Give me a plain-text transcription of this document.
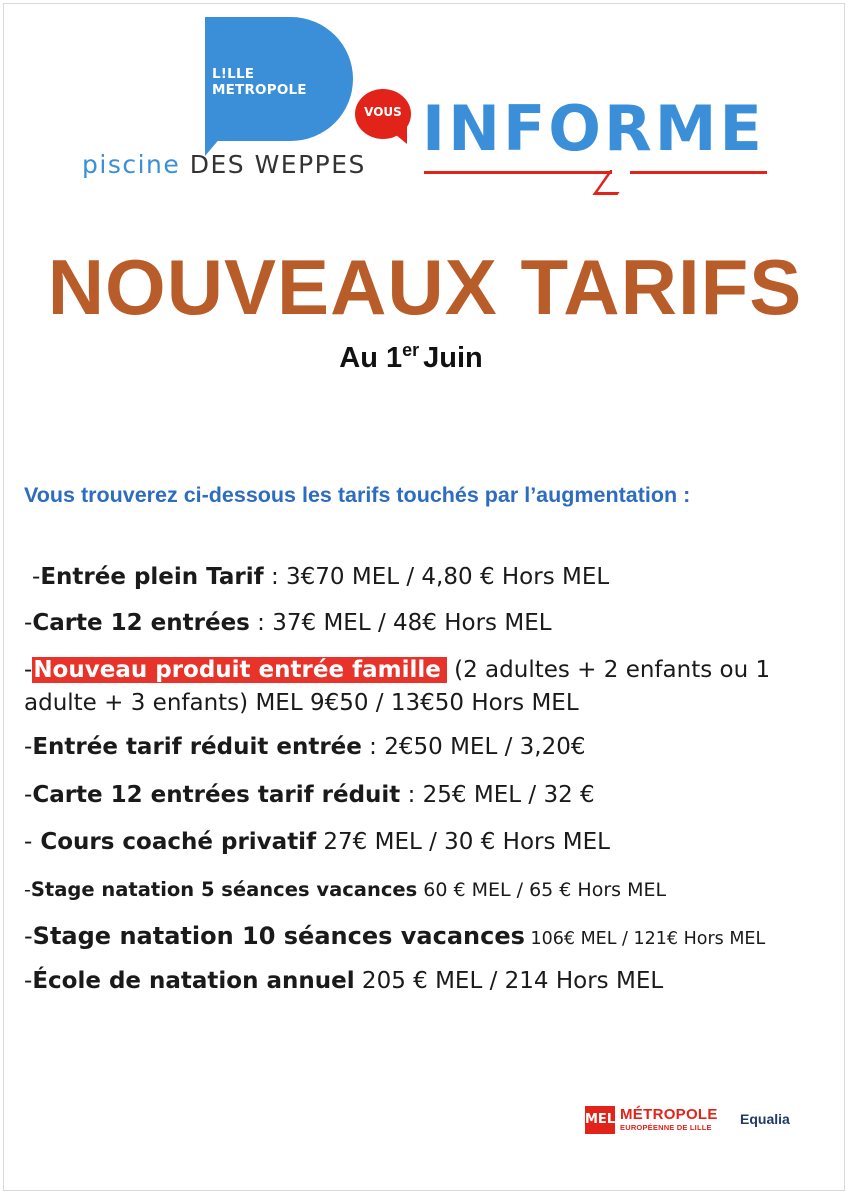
L!LLE METROPOLE
VOUS
piscine DES WEPPES INFORME
NOUVEAUX TARIFS
Au 1er Juin
Vous trouverez ci-dessous les tarifs touchés par l’augmentation :
-Entrée plein Tarif : 3€70 MEL / 4,80 € Hors MEL
-Carte 12 entrées : 37€ MEL / 48€ Hors MEL
-Nouveau produit entrée famille (2 adultes + 2 enfants ou 1 adulte + 3 enfants) MEL 9€50 / 13€50 Hors MEL
-Entrée tarif réduit entrée : 2€50 MEL / 3,20€
-Carte 12 entrées tarif réduit : 25€ MEL / 32 €
- Cours coaché privatif 27€ MEL / 30 € Hors MEL
-Stage natation 5 séances vacances 60 € MEL / 65 € Hors MEL
-Stage natation 10 séances vacances 106€ MEL / 121€ Hors MEL
-École de natation annuel 205 € MEL / 214 Hors MEL
MEL MÉTROPOLE
EUROPÉENNE DE LILLE
Equalia
